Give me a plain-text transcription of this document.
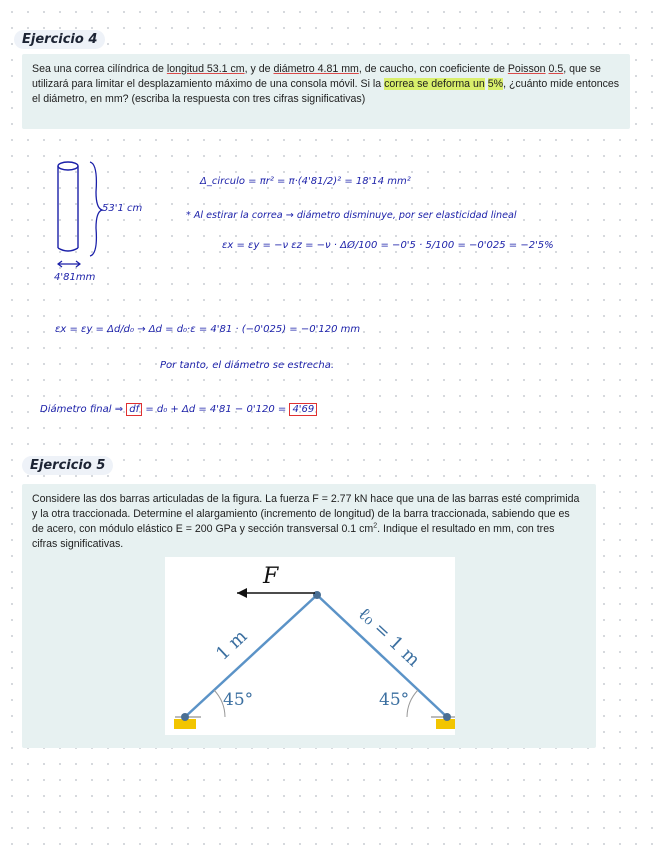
Ejercicio 4
Sea una correa cilíndrica de longitud 53.1 cm, y de diámetro 4.81 mm, de caucho, con coeficiente de Poisson 0.5, que se utilizará para limitar el desplazamiento máximo de una consola móvil. Si la correa se deforma un 5%, ¿cuánto mide entonces el diámetro, en mm? (escriba la respuesta con tres cifras significativas)
53'1 cm
4'81mm
Δ_circulo = πr² = π·(4'81/2)² = 18'14 mm²
* Al estirar la correa → diámetro disminuye, por ser elasticidad lineal
εx = εy = −ν εz = −ν · ΔØ/100 = −0'5 · 5/100 = −0'025 = −2'5%
εx = εy = Δd/d₀ → Δd = d₀·ε = 4'81 · (−0'025) = −0'120 mm
Por tanto, el diámetro se estrecha.
Diámetro final ⇒ df = d₀ + Δd = 4'81 − 0'120 = 4'69
Ejercicio 5
Considere las dos barras articuladas de la figura. La fuerza F = 2.77 kN hace que una de las barras esté comprimida y la otra traccionada. Determine el alargamiento (incremento de longitud) de la barra traccionada, sabiendo que es de acero, con módulo elástico E = 200 GPa y sección transversal 0.1 $cm^2$. Indique el resultado en mm, con tres cifras significativas.
F
1 m	ℓ₀ = 1 m
45°	45°
